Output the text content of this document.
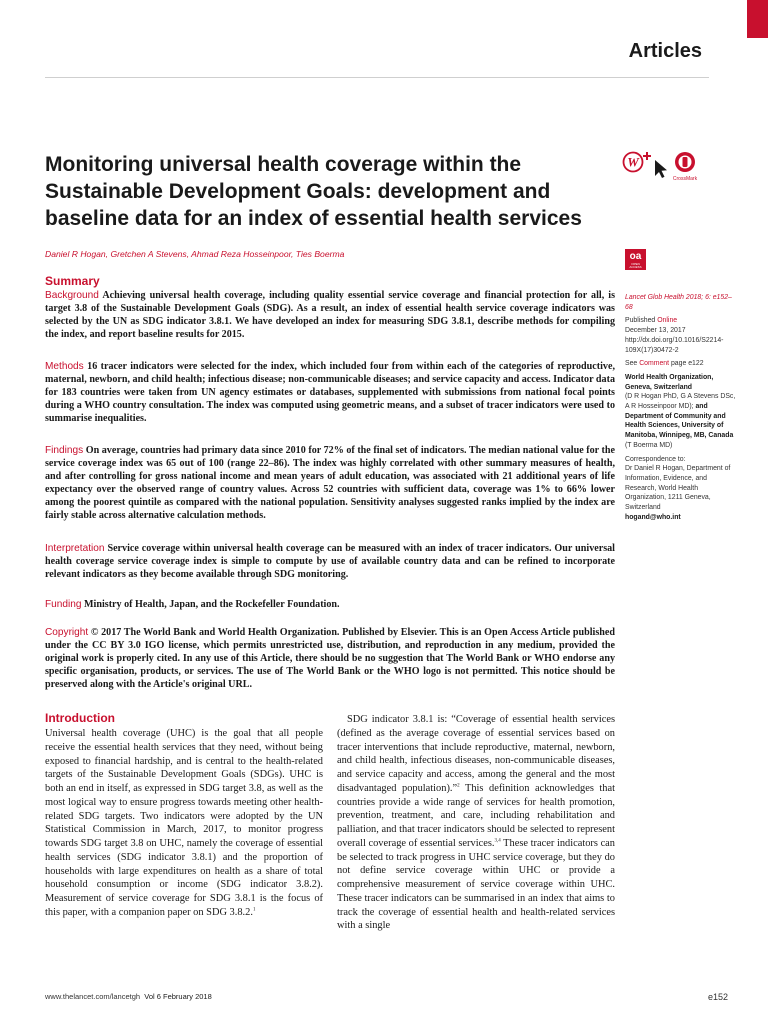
Articles
Monitoring universal health coverage within the Sustainable Development Goals: development and baseline data for an index of essential health services
W
CrossMark
Daniel R Hogan, Gretchen A Stevens, Ahmad Reza Hosseinpoor, Ties Boerma	oa
OPEN ACCESS
Summary

Background Achieving universal health coverage, including quality essential service coverage and financial protection for all, is target 3.8 of the Sustainable Development Goals (SDG). As a result, an index of essential health service coverage indicators was selected by the UN as SDG indicator 3.8.1. We have developed an index for measuring SDG 3.8.1, describe methods for compiling the index, and report baseline results for 2015.

Methods 16 tracer indicators were selected for the index, which included four from within each of the categories of reproductive, maternal, newborn, and child health; infectious disease; non-communicable diseases; and service capacity and access. Indicator data for 183 countries were taken from UN agency estimates or databases, supplemented with submissions from national focal points during a WHO country consultation. The index was computed using geometric means, and a subset of tracer indicators were used to summarise inequalities.

Findings On average, countries had primary data since 2010 for 72% of the final set of indicators. The median national value for the service coverage index was 65 out of 100 (range 22–86). The index was highly correlated with other summary measures of health, and after controlling for gross national income and mean years of adult education, was associated with 21 additional years of life expectancy over the observed range of country values. Across 52 countries with sufficient data, coverage was 1% to 66% lower among the poorest quintile as compared with the national population. Sensitivity analyses suggested ranks implied by the index are fairly stable across alternative calculation methods.

Interpretation Service coverage within universal health coverage can be measured with an index of tracer indicators. Our universal health coverage service coverage index is simple to compute by use of available country data and can be refined to incorporate relevant indicators as they become available through SDG monitoring.

Funding Ministry of Health, Japan, and the Rockefeller Foundation.

Copyright © 2017 The World Bank and World Health Organization. Published by Elsevier. This is an Open Access Article published under the CC BY 3.0 IGO license, which permits unrestricted use, distribution, and reproduction in any medium, provided the original work is properly cited. In any use of this Article, there should be no suggestion that The World Bank or WHO endorse any specific organisation, products, or services. The use of The World Bank or the WHO logo is not permitted. This notice should be preserved along with the Article's original URL.

Lancet Glob Health 2018; 6: e152–68
Published Online
December 13, 2017
http://dx.doi.org/10.1016/S2214-109X(17)30472-2
See Comment page e122
World Health Organization, Geneva, Switzerland
(D R Hogan PhD, G A Stevens DSc, A R Hosseinpoor MD); and Department of Community and Health Sciences, University of Manitoba, Winnipeg, MB, Canada (T Boerma MD)
Correspondence to:
Dr Daniel R Hogan, Department of Information, Evidence, and Research, World Health Organization, 1211 Geneva, Switzerland
hogand@who.int
Introduction
Universal health coverage (UHC) is the goal that all people receive the essential health services that they need, without being exposed to financial hardship, and is central to the health-related targets of the Sustainable Development Goals (SDGs). UHC is both an end in itself, as expressed in SDG target 3.8, as well as the most logical way to ensure progress towards meeting other health-related SDG targets. Two indicators were adopted by the UN Statistical Commission in March, 2017, to monitor progress towards SDG target 3.8 on UHC, namely the coverage of essential health services (SDG indicator 3.8.1) and the proportion of households with large expenditures on health as a share of total household consumption or income (SDG indicator 3.8.2). Measurement of service coverage for SDG 3.8.1 is the focus of this paper, with a companion paper on SDG 3.8.2.$^1$
SDG indicator 3.8.1 is: “Coverage of essential health services (defined as the average coverage of essential services based on tracer interventions that include reproductive, maternal, newborn, and child health, infectious diseases, non-communicable diseases, and service capacity and access, among the general and the most disadvantaged population).”$^2$ This definition acknowledges that countries provide a wide range of services for health promotion, prevention, treatment, and care, including rehabilitation and palliation, and that tracer indicators should be selected to represent overall coverage of essential services.$^{3,4}$ These tracer indicators can be selected to track progress in UHC service coverage, but they do not define service coverage within UHC or provide a comprehensive measurement of service coverage within UHC. These tracer indicators can be summarised in an index that aims to track the coverage of essential health and health-related services with a single
www.thelancet.com/lancetgh Vol 6 February 2018	e152
